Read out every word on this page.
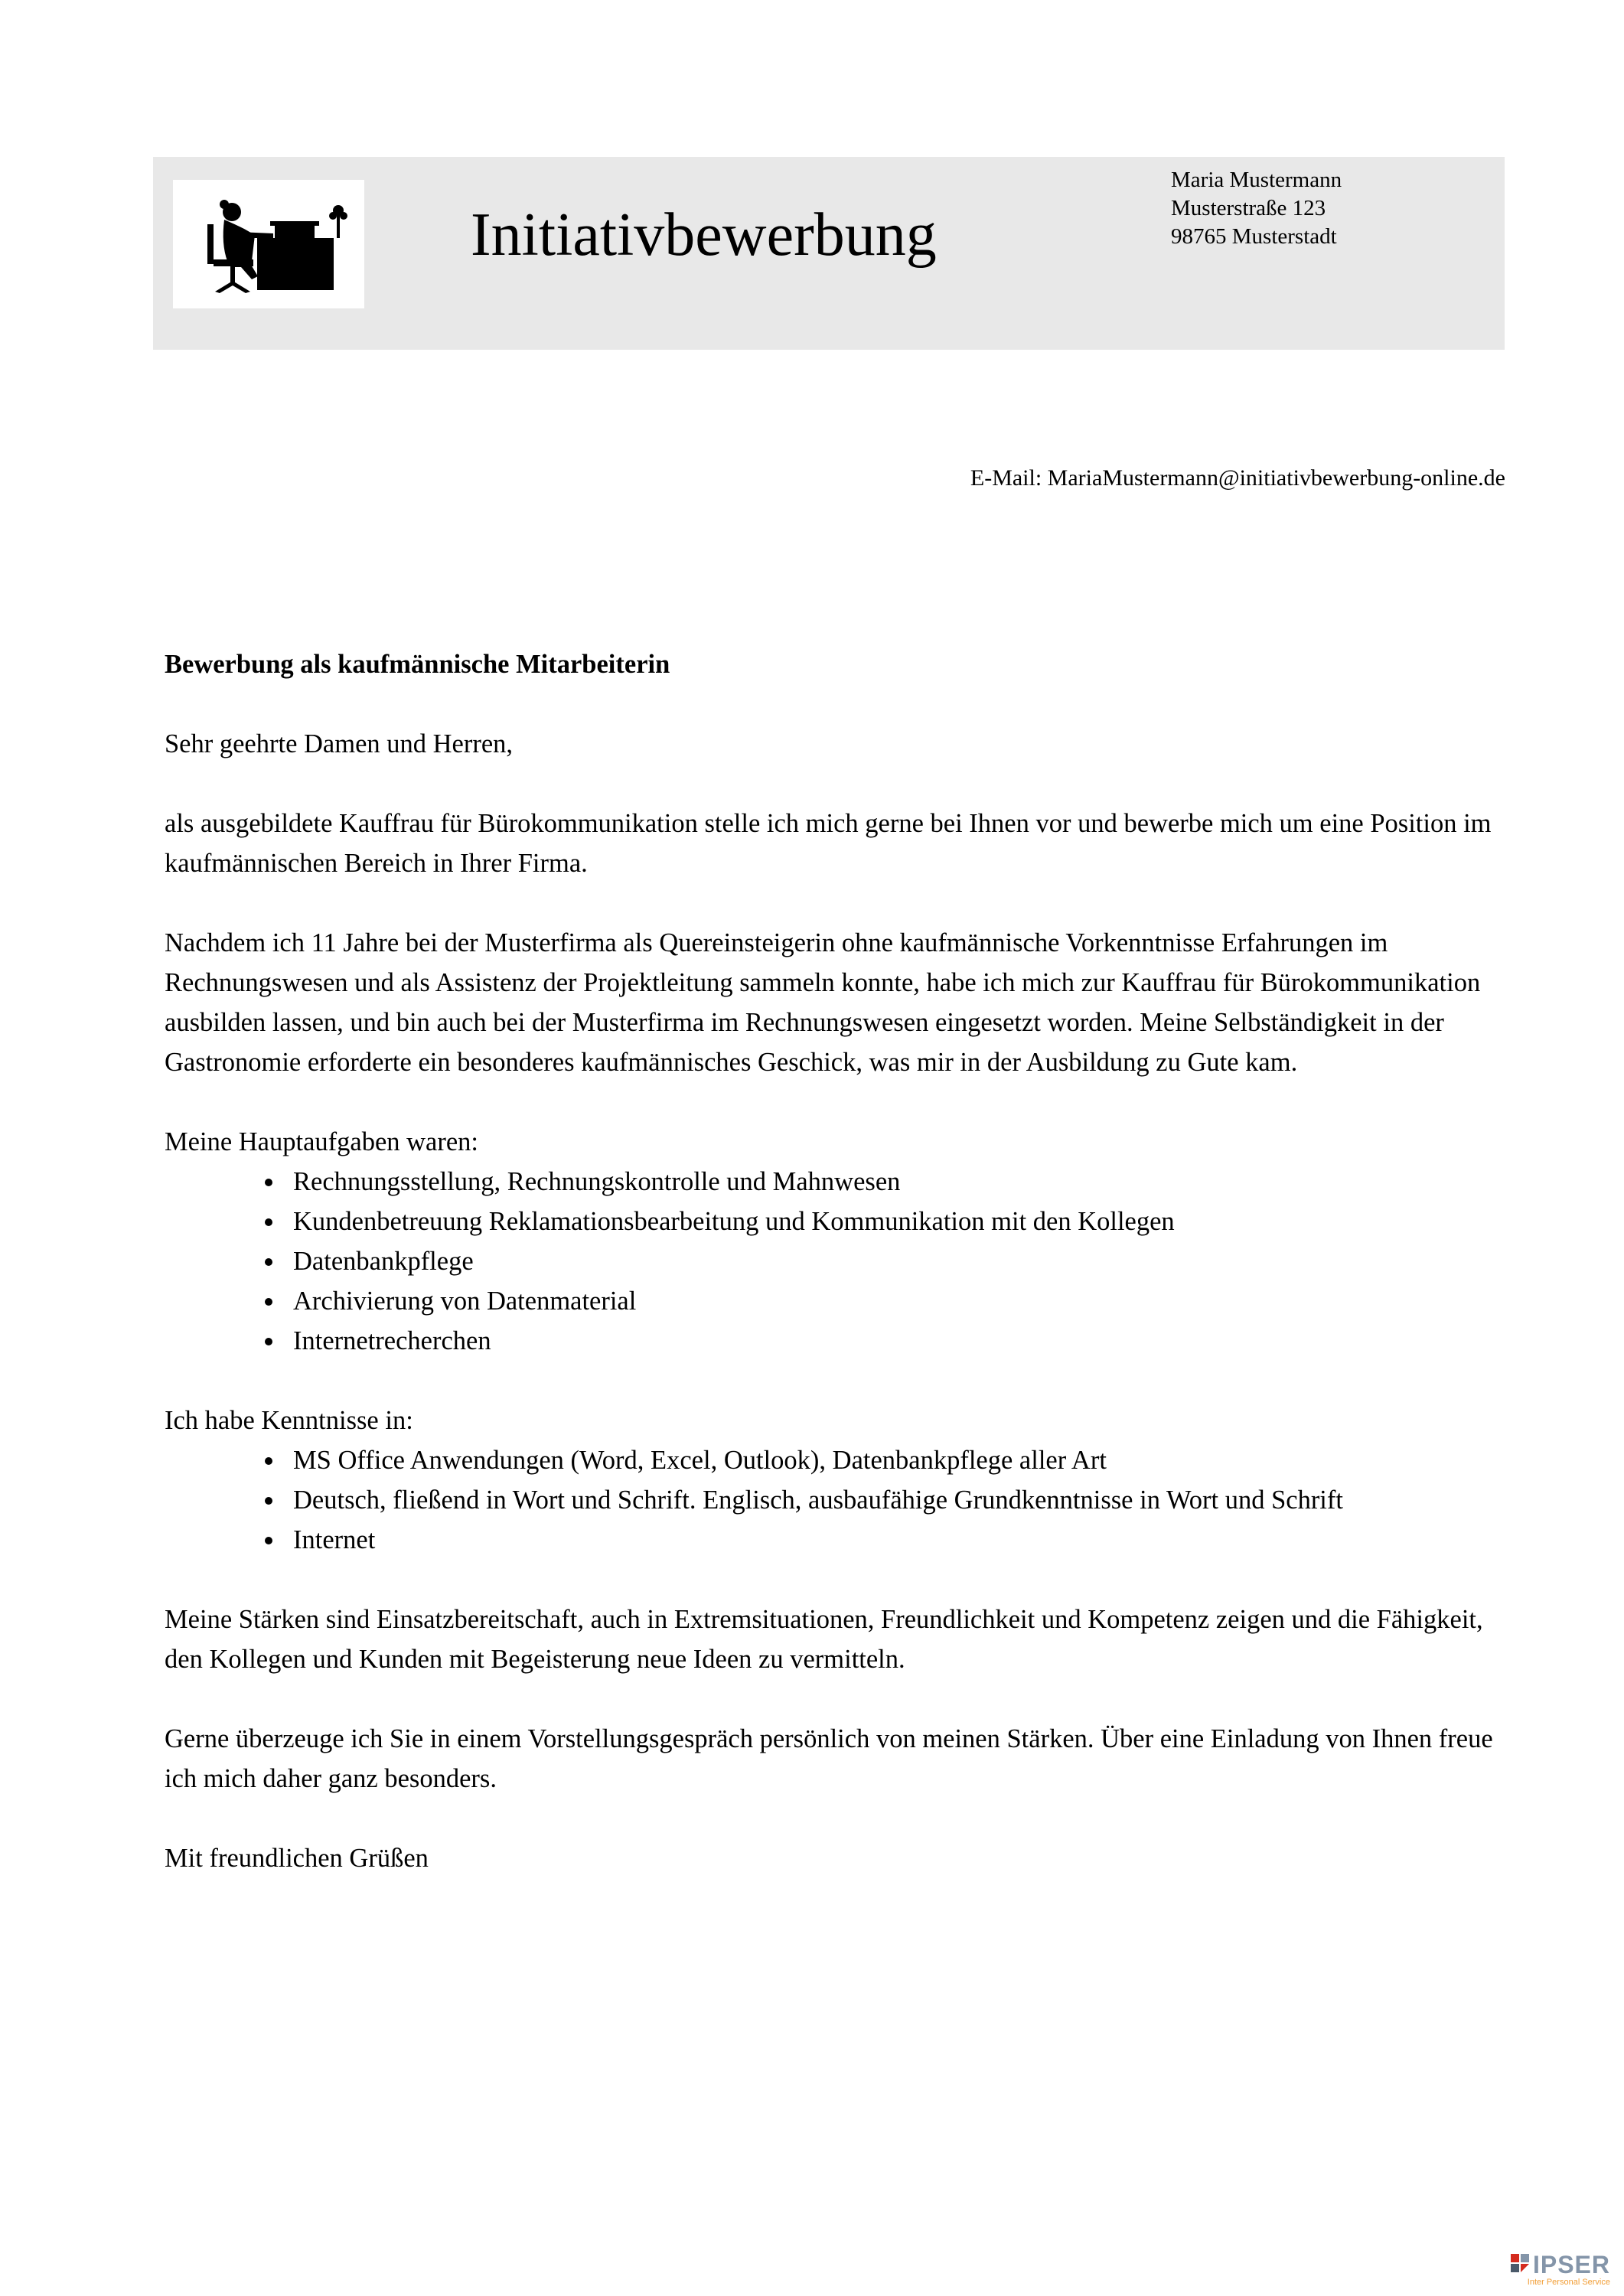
Initiativbewerbung
Maria Mustermann
Musterstraße 123
98765 Musterstadt
E-Mail: MariaMustermann@initiativbewerbung-online.de
Bewerbung als kaufmännische Mitarbeiterin

Sehr geehrte Damen und Herren,

als ausgebildete Kauffrau für Bürokommunikation stelle ich mich gerne bei Ihnen vor und bewerbe mich um eine Position im kaufmännischen Bereich in Ihrer Firma.

Nachdem ich 11 Jahre bei der Musterfirma als Quereinsteigerin ohne kaufmännische Vorkenntnisse Erfahrungen im Rechnungswesen und als Assistenz der Projektleitung sammeln konnte, habe ich mich zur Kauffrau für Bürokommunikation ausbilden lassen, und bin auch bei der Musterfirma im Rechnungswesen eingesetzt worden. Meine Selbständigkeit in der Gastronomie erforderte ein besonderes kaufmännisches Geschick, was mir in der Ausbildung zu Gute kam.

Meine Hauptaufgaben waren:

• Rechnungsstellung, Rechnungskontrolle und Mahnwesen
• Kundenbetreuung Reklamationsbearbeitung und Kommunikation mit den Kollegen
• Datenbankpflege
• Archivierung von Datenmaterial
• Internetrecherchen

Ich habe Kenntnisse in:

• MS Office Anwendungen (Word, Excel, Outlook), Datenbankpflege aller Art
• Deutsch, fließend in Wort und Schrift. Englisch, ausbaufähige Grundkenntnisse in Wort und Schrift
• Internet

Meine Stärken sind Einsatzbereitschaft, auch in Extremsituationen, Freundlichkeit und Kompetenz zeigen und die Fähigkeit, den Kollegen und Kunden mit Begeisterung neue Ideen zu vermitteln.

Gerne überzeuge ich Sie in einem Vorstellungsgespräch persönlich von meinen Stärken. Über eine Einladung von Ihnen freue ich mich daher ganz besonders.

Mit freundlichen Grüßen

IPSER
Inter Personal Service
